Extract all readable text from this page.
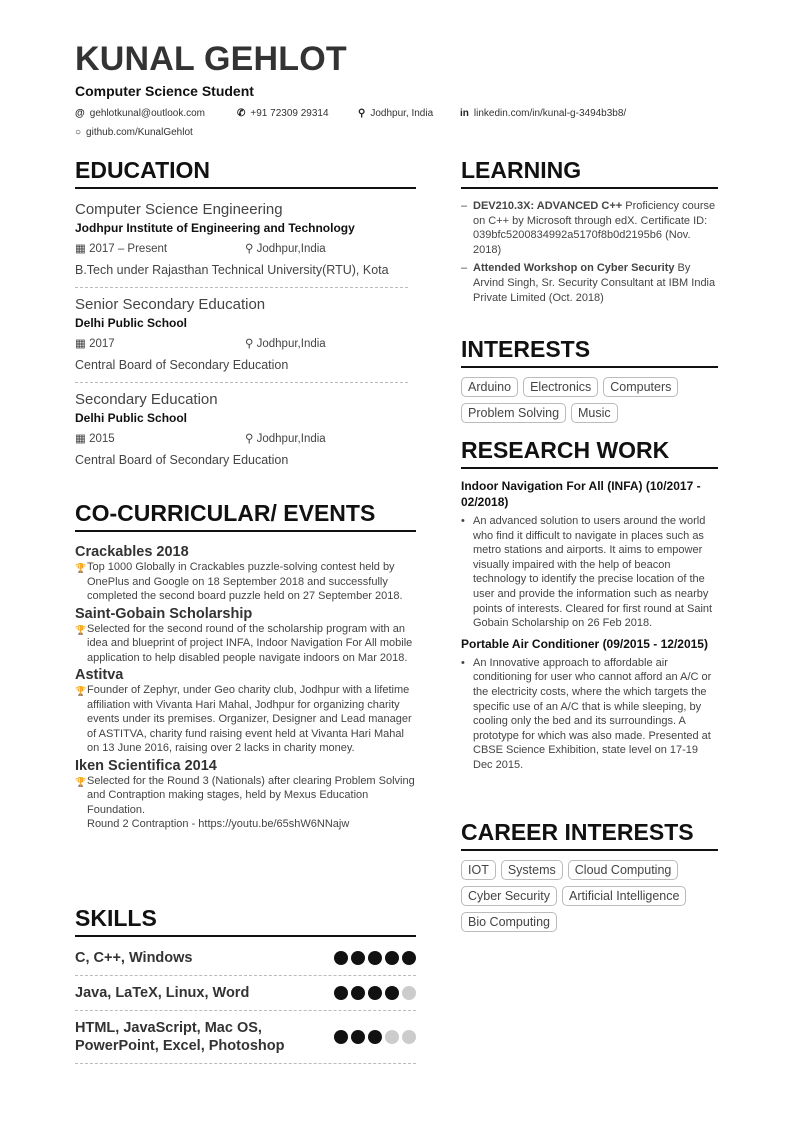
KUNAL GEHLOT
Computer Science Student
@ gehlotkunal@outlook.com	✆ +91 72309 29314	⚲ Jodhpur, India	in linkedin.com/in/kunal-g-3494b3b8/
○ github.com/KunalGehlot
EDUCATION
Computer Science Engineering
Jodhpur Institute of Engineering and Technology
▦ 2017 – Present	⚲ Jodhpur,India
B.Tech under Rajasthan Technical University(RTU), Kota
Senior Secondary Education
Delhi Public School
▦ 2017	⚲ Jodhpur,India
Central Board of Secondary Education
Secondary Education
Delhi Public School
▦ 2015	⚲ Jodhpur,India
Central Board of Secondary Education
CO-CURRICULAR/ EVENTS
Crackables 2018
🏆 Top 1000 Globally in Crackables puzzle-solving contest held by OnePlus and Google on 18 September 2018 and successfully completed the second board puzzle held on 27 September 2018.
Saint-Gobain Scholarship
🏆 Selected for the second round of the scholarship program with an idea and blueprint of project INFA, Indoor Navigation For All mobile application to help disabled people navigate indoors on Mar 2018.
Astitva
🏆 Founder of Zephyr, under Geo charity club, Jodhpur with a lifetime affiliation with Vivanta Hari Mahal, Jodhpur for organizing charity events under its premises. Organizer, Designer and Lead manager of ASTITVA, charity fund raising event held at Vivanta Hari Mahal on 13 June 2016, raising over 2 lacks in charity money.
Iken Scientifica 2014
🏆 Selected for the Round 3 (Nationals) after clearing Problem Solving and Contraption making stages, held by Mexus Education Foundation.
Round 2 Contraption - https://youtu.be/65shW6NNajw
SKILLS
C, C++, Windows
Java, LaTeX, Linux, Word
HTML, JavaScript, Mac OS, PowerPoint, Excel, Photoshop
LEARNING
– DEV210.3X: ADVANCED C++ Proficiency course on C++ by Microsoft through edX. Certificate ID: 039bfc5200834992a5170f8b0d2195b6 (Nov. 2018)
– Attended Workshop on Cyber Security By Arvind Singh, Sr. Security Consultant at IBM India Private Limited (Oct. 2018)
INTERESTS
Arduino	Electronics	Computers
Problem Solving	Music
RESEARCH WORK
Indoor Navigation For All (INFA) (10/2017 - 02/2018)
• An advanced solution to users around the world who find it difficult to navigate in places such as metro stations and airports. It aims to empower visually impaired with the help of beacon technology to identify the precise location of the user and provide the information such as nearby points of interests. Cleared for first round at Saint Gobain Scholarship on 26 Feb 2018.
Portable Air Conditioner (09/2015 - 12/2015)
• An Innovative approach to affordable air conditioning for user who cannot afford an A/C or the electricity costs, where the which targets the specific use of an A/C that is while sleeping, by cooling only the bed and its surroundings. A prototype for which was also made. Presented at CBSE Science Exhibition, state level on 17-19 Dec 2015.
CAREER INTERESTS
IOT	Systems	Cloud Computing
Cyber Security	Artificial Intelligence
Bio Computing
